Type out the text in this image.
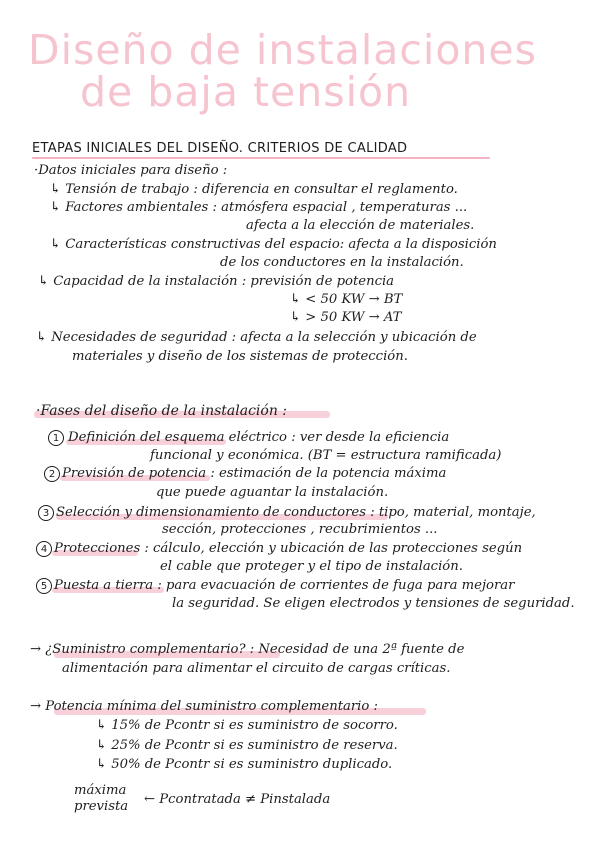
Diseño de instalaciones
de baja tensión
ETAPAS INICIALES DEL DISEÑO. CRITERIOS DE CALIDAD
·Datos iniciales para diseño :
↳ Tensión de trabajo : diferencia en consultar el reglamento.
↳ Factores ambientales : atmósfera espacial , temperaturas ...
afecta a la elección de materiales.
↳ Características constructivas del espacio: afecta a la disposición
de los conductores en la instalación.
↳ Capacidad de la instalación : previsión de potencia
↳ < 50 KW → BT
↳ > 50 KW → AT
↳ Necesidades de seguridad : afecta a la selección y ubicación de
materiales y diseño de los sistemas de protección.
·Fases del diseño de la instalación :
1 Definición del esquema eléctrico : ver desde la eficiencia
funcional y económica. (BT = estructura ramificada)
2 Previsión de potencia : estimación de la potencia máxima
que puede aguantar la instalación.
3 Selección y dimensionamiento de conductores : tipo, material, montaje,
sección, protecciones , recubrimientos ...
4 Protecciones : cálculo, elección y ubicación de las protecciones según
el cable que proteger y el tipo de instalación.
5 Puesta a tierra : para evacuación de corrientes de fuga para mejorar
la seguridad. Se eligen electrodos y tensiones de seguridad.
→ ¿Suministro complementario? : Necesidad de una 2ª fuente de
alimentación para alimentar el circuito de cargas críticas.
→ Potencia mínima del suministro complementario :
↳ 15% de Pcontr si es suministro de socorro.
↳ 25% de Pcontr si es suministro de reserva.
↳ 50% de Pcontr si es suministro duplicado.
máxima
prevista ← Pcontratada ≠ Pinstalada
